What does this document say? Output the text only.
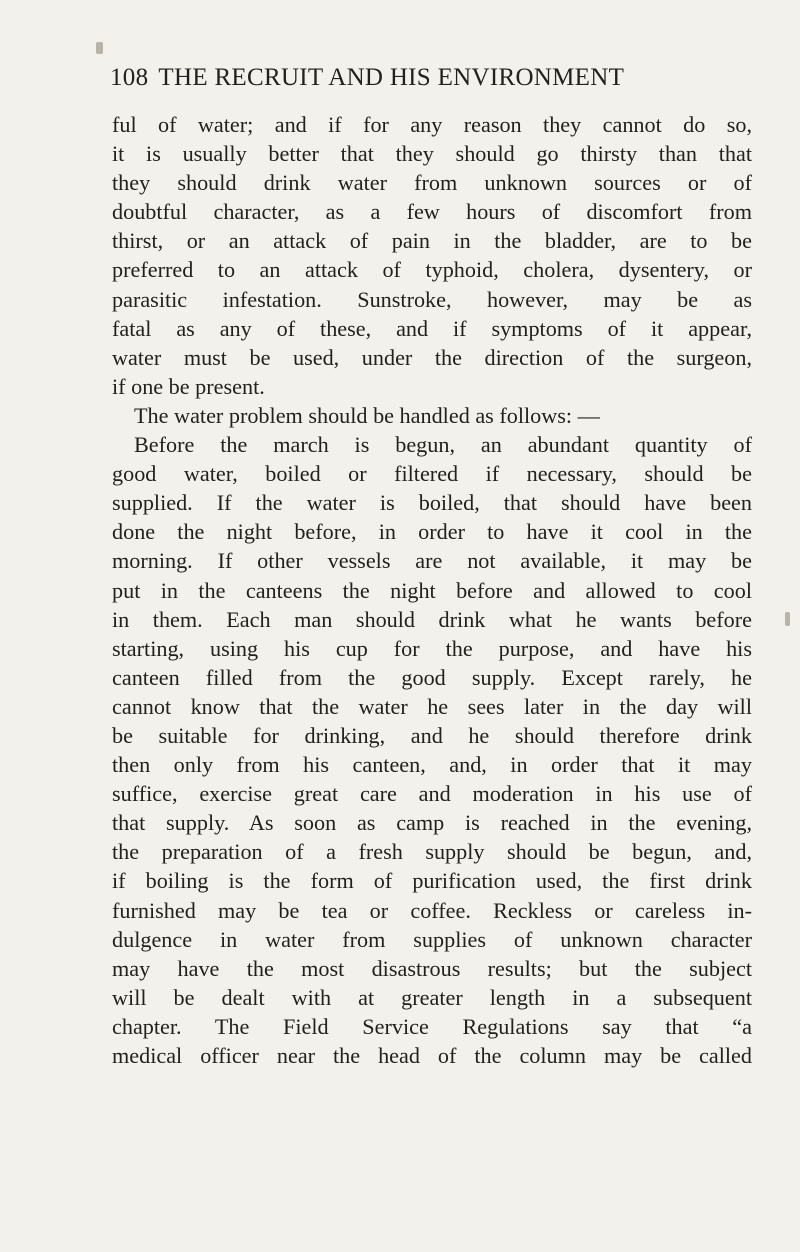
108 THE RECRUIT AND HIS ENVIRONMENT
ful of water; and if for any reason they cannot do so,
it is usually better that they should go thirsty than that
they should drink water from unknown sources or of
doubtful character, as a few hours of discomfort from
thirst, or an attack of pain in the bladder, are to be
preferred to an attack of typhoid, cholera, dysentery, or
parasitic infestation. Sunstroke, however, may be as
fatal as any of these, and if symptoms of it appear,
water must be used, under the direction of the surgeon,
if one be present.
The water problem should be handled as follows: —
Before the march is begun, an abundant quantity of
good water, boiled or filtered if necessary, should be
supplied. If the water is boiled, that should have been
done the night before, in order to have it cool in the
morning. If other vessels are not available, it may be
put in the canteens the night before and allowed to cool
in them. Each man should drink what he wants before
starting, using his cup for the purpose, and have his
canteen filled from the good supply. Except rarely, he
cannot know that the water he sees later in the day will
be suitable for drinking, and he should therefore drink
then only from his canteen, and, in order that it may
suffice, exercise great care and moderation in his use of
that supply. As soon as camp is reached in the evening,
the preparation of a fresh supply should be begun, and,
if boiling is the form of purification used, the first drink
furnished may be tea or coffee. Reckless or careless in-
dulgence in water from supplies of unknown character
may have the most disastrous results; but the subject
will be dealt with at greater length in a subsequent
chapter. The Field Service Regulations say that “a
medical officer near the head of the column may be called
